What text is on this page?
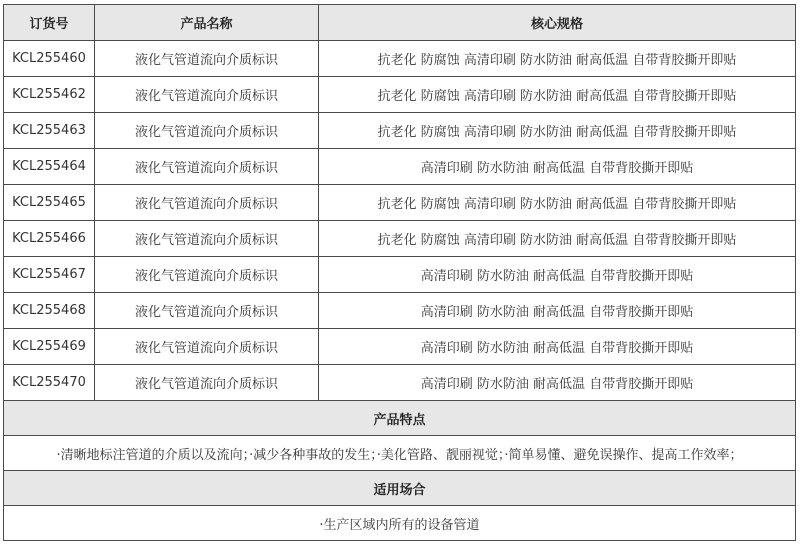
订货号	产品名称	核心规格
KCL255460	液化气管道流向介质标识	抗老化 防腐蚀 高清印刷 防水防油 耐高低温 自带背胶撕开即贴
KCL255462	液化气管道流向介质标识	抗老化 防腐蚀 高清印刷 防水防油 耐高低温 自带背胶撕开即贴
KCL255463	液化气管道流向介质标识	抗老化 防腐蚀 高清印刷 防水防油 耐高低温 自带背胶撕开即贴
KCL255464	液化气管道流向介质标识	高清印刷 防水防油 耐高低温 自带背胶撕开即贴
KCL255465	液化气管道流向介质标识	抗老化 防腐蚀 高清印刷 防水防油 耐高低温 自带背胶撕开即贴
KCL255466	液化气管道流向介质标识	抗老化 防腐蚀 高清印刷 防水防油 耐高低温 自带背胶撕开即贴
KCL255467	液化气管道流向介质标识	高清印刷 防水防油 耐高低温 自带背胶撕开即贴
KCL255468	液化气管道流向介质标识	高清印刷 防水防油 耐高低温 自带背胶撕开即贴
KCL255469	液化气管道流向介质标识	高清印刷 防水防油 耐高低温 自带背胶撕开即贴
KCL255470	液化气管道流向介质标识	高清印刷 防水防油 耐高低温 自带背胶撕开即贴
产品特点		
·清晰地标注管道的介质以及流向；·减少各种事故的发生；·美化管路、靓丽视觉；·简单易懂、避免误操作、提高工作效率；		
适用场合		
·生产区域内所有的设备管道		
